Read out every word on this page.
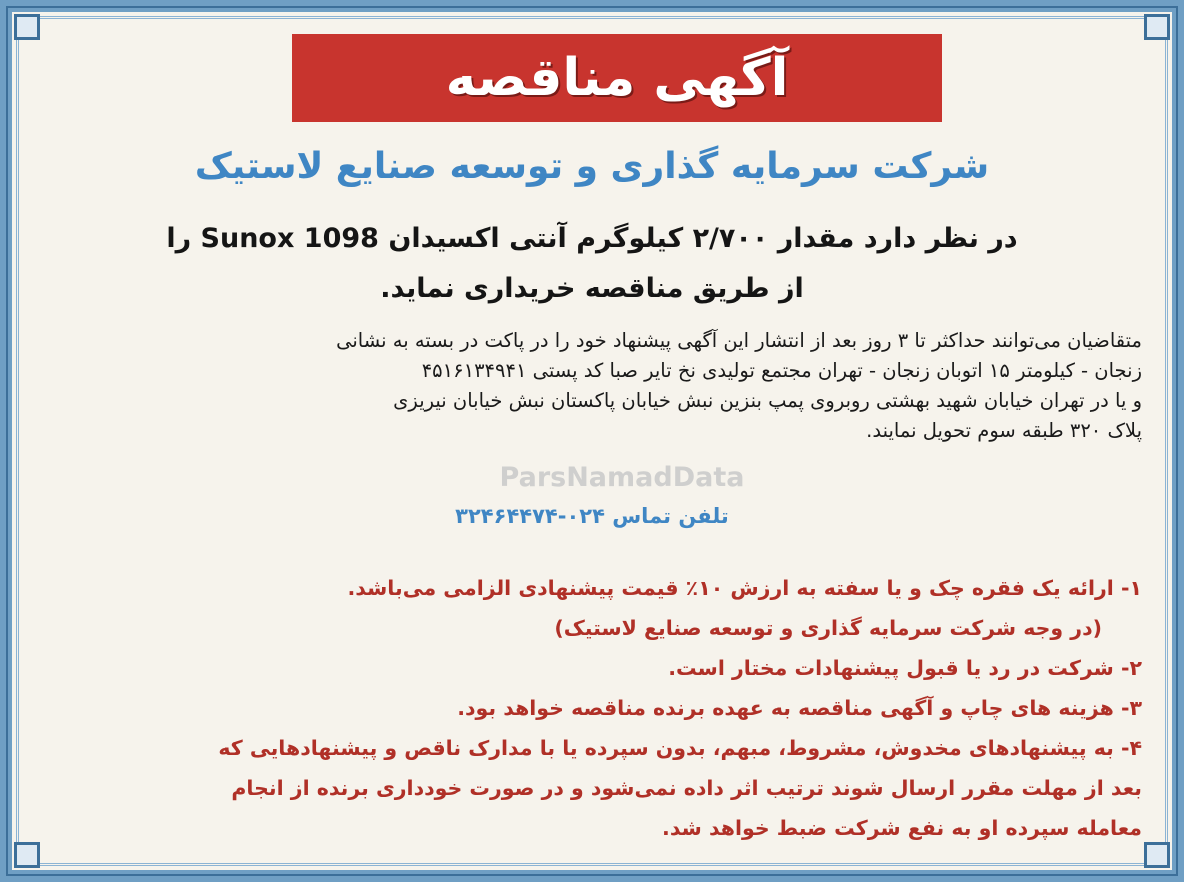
آگهی مناقصه
شرکت سرمایه گذاری و توسعه صنایع لاستیک
در نظر دارد مقدار ۲/۷۰۰ کیلوگرم آنتی اکسیدان Sunox 1098 را
از طریق مناقصه خریداری نماید.

متقاضیان می‌توانند حداکثر تا ۳ روز بعد از انتشار این آگهی پیشنهاد خود را در پاکت در بسته به نشانی

زنجان - کیلومتر ۱۵ اتوبان زنجان - تهران مجتمع تولیدی نخ تایر صبا کد پستی ۴۵۱۶۱۳۴۹۴۱

و یا در تهران خیابان شهید بهشتی روبروی پمپ بنزین نبش خیابان پاکستان نبش خیابان نیریزی

پلاک ۳۲۰ طبقه سوم تحویل نمایند.

ParsNamadData
تلفن تماس ۰۲۴-۳۲۴۶۴۴۷۴

۱- ارائه یک فقره چک و یا سفته به ارزش ۱۰٪ قیمت پیشنهادی الزامی می‌باشد.

(در وجه شرکت سرمایه گذاری و توسعه صنایع لاستیک)

۲- شرکت در رد یا قبول پیشنهادات مختار است.

۳- هزینه های چاپ و آگهی مناقصه به عهده برنده مناقصه خواهد بود.

۴- به پیشنهادهای مخدوش، مشروط، مبهم، بدون سپرده یا با مدارک ناقص و پیشنهادهایی که

بعد از مهلت مقرر ارسال شوند ترتیب اثر داده نمی‌شود و در صورت خودداری برنده از انجام

معامله سپرده او به نفع شرکت ضبط خواهد شد.
